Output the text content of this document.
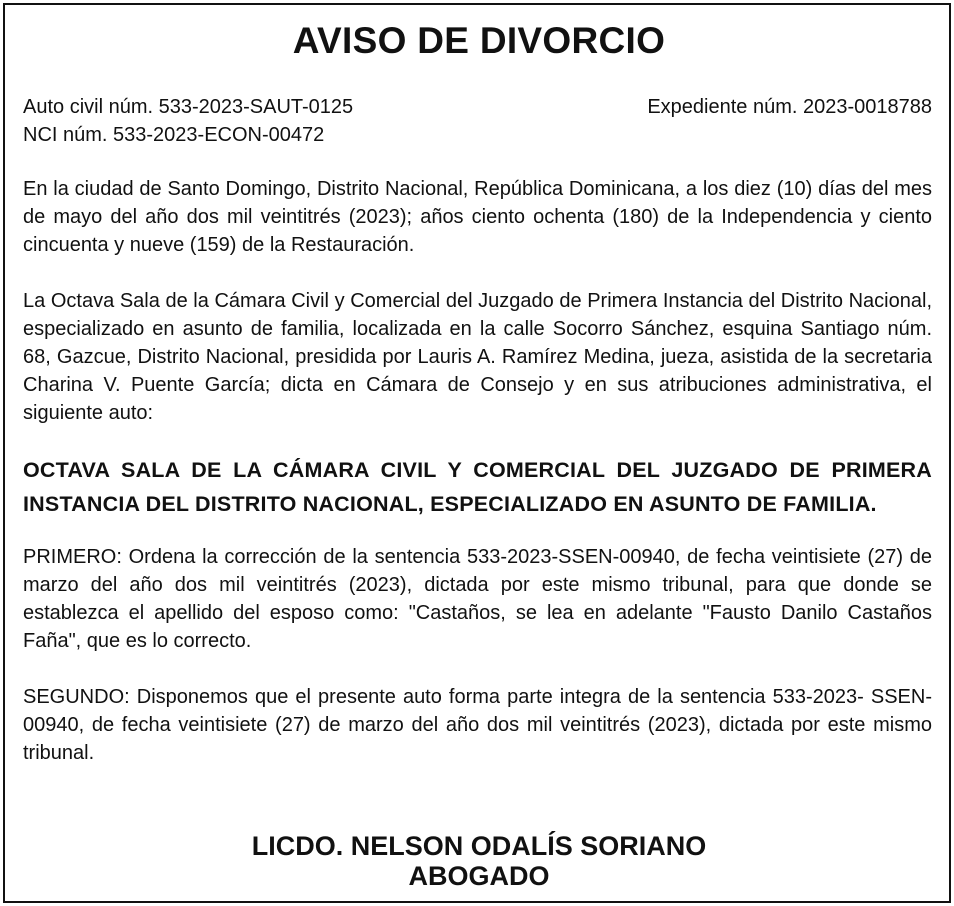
AVISO DE DIVORCIO
Auto civil núm. 533-2023-SAUT-0125	Expediente núm. 2023-0018788
NCI núm. 533-2023-ECON-00472

En la ciudad de Santo Domingo, Distrito Nacional, República Dominicana, a los diez (10) días del mes de mayo del año dos mil veintitrés (2023); años ciento ochenta (180) de la Independencia y ciento cincuenta y nueve (159) de la Restauración.

La Octava Sala de la Cámara Civil y Comercial del Juzgado de Primera Instancia del Distrito Nacional, especializado en asunto de familia, localizada en la calle Socorro Sánchez, esquina Santiago núm. 68, Gazcue, Distrito Nacional, presidida por Lauris A. Ramírez Medina, jueza, asistida de la secretaria Charina V. Puente García; dicta en Cámara de Consejo y en sus atribuciones administrativa, el siguiente auto:

OCTAVA SALA DE LA CÁMARA CIVIL Y COMERCIAL DEL JUZGADO DE PRIMERA INSTANCIA DEL DISTRITO NACIONAL, ESPECIALIZADO EN ASUNTO DE FAMILIA.

PRIMERO: Ordena la corrección de la sentencia 533-2023-SSEN-00940, de fecha veintisiete (27) de marzo del año dos mil veintitrés (2023), dictada por este mismo tribunal, para que donde se establezca el apellido del esposo como: "Castaños, se lea en adelante "Fausto Danilo Castaños Faña", que es lo correcto.

SEGUNDO: Disponemos que el presente auto forma parte integra de la sentencia 533-2023- SSEN-00940, de fecha veintisiete (27) de marzo del año dos mil veintitrés (2023), dictada por este mismo tribunal.

LICDO. NELSON ODALÍS SORIANO
ABOGADO
